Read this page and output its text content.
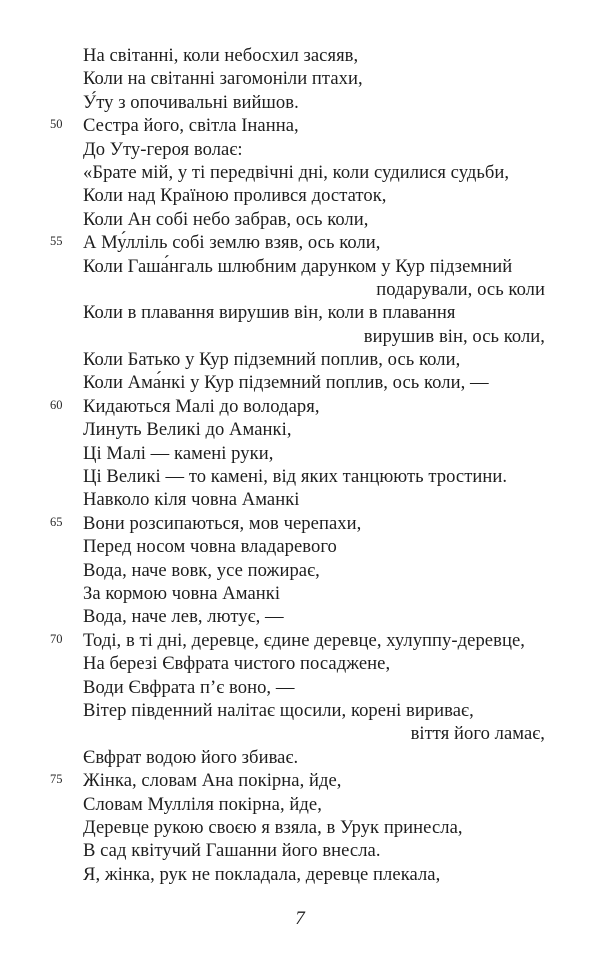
На світанні, коли небосхил засяяв,
Коли на світанні загомоніли птахи,
У́ту з опочивальні вийшов.
50 Сестра його, світла Інанна,
До Уту-героя волає:
«Брате мій, у ті передвічні дні, коли судилися судьби,
Коли над Країною пролився достаток,
Коли Ан собі небо забрав, ось коли,
55 А Му́лліль собі землю взяв, ось коли,
Коли Гаша́нгаль шлюбним дарунком у Кур підземний
подарували, ось коли
Коли в плавання вирушив він, коли в плавання
вирушив він, ось коли,
Коли Батько у Кур підземний поплив, ось коли,
Коли Ама́нкі у Кур підземний поплив, ось коли, —
60 Кидаються Малі до володаря,
Линуть Великі до Аманкі,
Ці Малі — камені руки,
Ці Великі — то камені, від яких танцюють тростини.
Навколо кіля човна Аманкі
65 Вони розсипаються, мов черепахи,
Перед носом човна владаревого
Вода, наче вовк, усе пожирає,
За кормою човна Аманкі
Вода, наче лев, лютує, —
70 Тоді, в ті дні, деревце, єдине деревце, хулуппу-деревце,
На березі Євфрата чистого посаджене,
Води Євфрата п’є воно, —
Вітер південний налітає щосили, корені вириває,
віття його ламає,
Євфрат водою його збиває.
75 Жінка, словам Ана покірна, йде,
Словам Мулліля покірна, йде,
Деревце рукою своєю я взяла, в Урук принесла,
В сад квітучий Гашанни його внесла.
Я, жінка, рук не покладала, деревце плекала,
7
